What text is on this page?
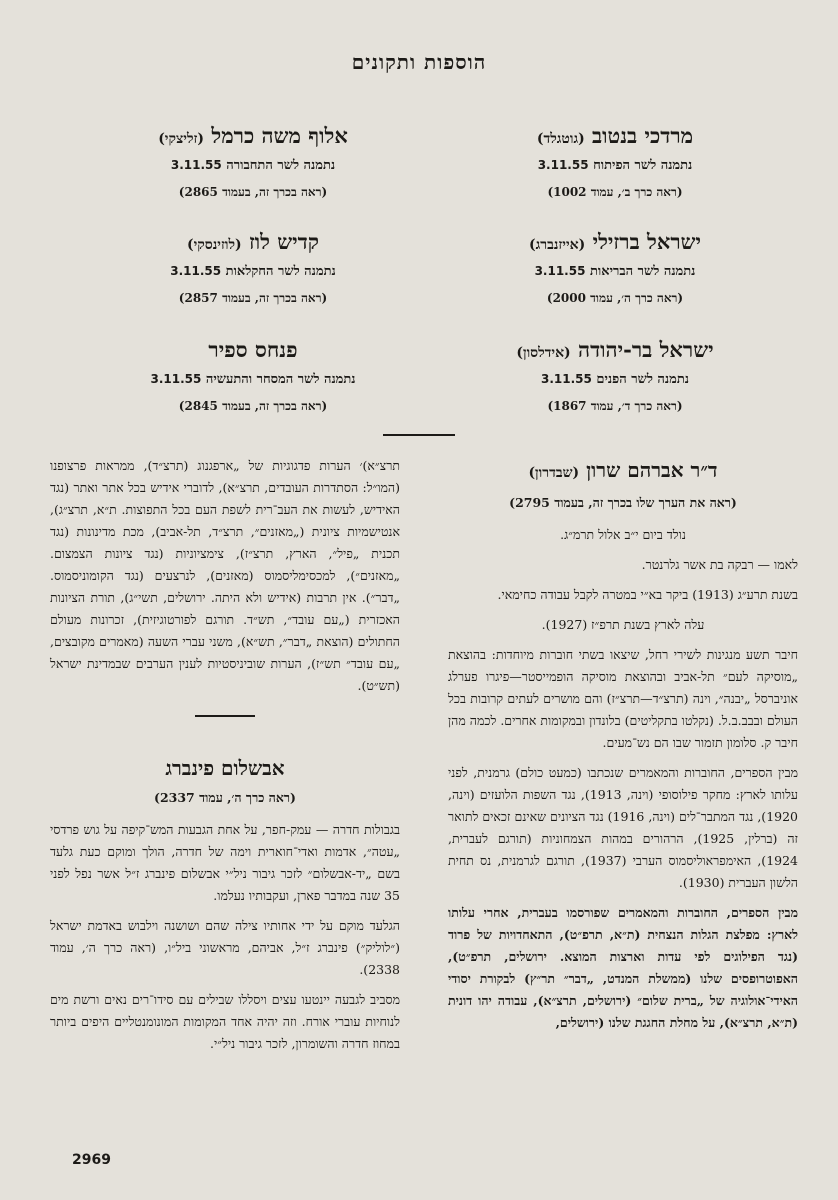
הוספות ותקונים
מרדכי בנטוב (גוטגלד)
נתמנה לשר הפיתוח 3.11.55
(ראה כרך ב׳, עמוד 1002)
אלוף משה כרמל (זליצקי)
נתמנה לשר התחבורה 3.11.55
(ראה בכרך זה, בעמוד 2865)
ישראל ברזילי (אייזנברג)
נתמנה לשר הבריאות 3.11.55
(ראה כרך ה׳, עמוד 2000)
קדיש לוז (לוזינסקי)
נתמנה לשר החקלאות 3.11.55
(ראה בכרך זה, בעמוד 2857)
ישראל בר-יהודה (אידלסון)
נתמנה לשר הפנים 3.11.55
(ראה כרך ד׳, עמוד 1867)
פנחס ספיר
נתמנה לשר המסחר והתעשיה 3.11.55
(ראה בכרך זה, בעמוד 2845)
ד״ר אברהם שרון (שבדרון)
(ראה את הערך שלו בכרך זה, בעמוד 2795)

נולד ביום י״ב אלול תרמ״ג.

לאמו — רבקה בת אשר גלרנטר.

בשנת תרע״ג (1913) ביקר בא״י במטרה לקבל עבודה כחימאי.

עלה לארץ בשנת תרפ״ז (1927).

חיבר תשע מנגינות לשירי רחל, שיצאו בשתי חוברות מיוחדות: בהוצאת „מוסיקה לעם״ תל-אביב ובהוצאת מוסיקה הופמייסטר—פיגרו פערלג אוניברסל „יבנה״, וינה (תרצ״ד—תרצ״ז) והם מושרים לעתים קרובות בכל העולם ובבב.ב.ל. (נקלטו בתקליטים) בלונדון ובמקומות אחרים. לכמה מהן חיבר ק. סלומון תזמור שבו הם נש־מעים.

מבין הספרים, החוברות והמאמרים שנכתבו (כמעט כולם) גרמנית, לפני עלותו לארץ: מחקר פילוסופי (וינה, 1913), נגד השפות הלועזים (וינה, 1920), נגד המתבר־לים (וינה, 1916) נגד הציונים שאינם זכאים לתואר זה (ברלין, 1925), הרהורים במהות הצמחוניות (תורגם לעברית, 1924), האימפראוליסמוס הערבי (1937), תורגם לגרמנית, נס תחית הלשון העברית (1930).

מבין הספרים, החוברות והמאמרים שפורסמו בעברית, אחרי עלותו לארץ: מפלצת הגלות הנצחית (ת״א, תרפ״ט), התאחדויות של פרוד (נגד הפילוגים לפי עדות וארצות המוצא. ירושלים, תרפ״ט), האפוטרופסים שלנו (ממשלת המנדט, „דבר״ תר״ץ) לבקורת יסודי האידי־אולוגיה של „ברית שלום״ (ירושלים, תרצ״א), עבודה יהו דונית (ת״א, תרצ״א), על מחלת החגגת שלנו (ירושלים,

תרצ״א)׳ הערות פדגוגיות של „ארפגנוג (תרצ״ד), ממראות פרצופנו (המו״ל: הסתדרות העובדים, תרצ״א), לדוברי אידיש בכל אתר ואתר (נגד האידיש, לעשות את העב־רית לשפת העם בכל התפוצות. ת״א, תרצ״ג), אנטישמיות ציונית („מאזנים״, תרצ״ד, תל-אביב), מכת מדינונות (נגד תכנית „פיל״, הארץ, תרצ״ז), צימציוניות (נגד ציונות הצמצום. „מאזנים״), למכסימליסמוס (מאזנים), לנרצעים (נגד הקומוניסמוס. „דבר״). אין תרבות (אידיש ולא היתה. ירושלים, תשי״ג), תורת הציונות האכזרית („עם עובד״, תש״ד. תורגם לפורטוגיזית), זכרונות מעולם החתולים (הוצאת „דבר״, תש״א), משני עברי השעה (מאמרים מקובצים, „עם עובד״ תש״ז), הערות שוביניסטיות לענין הערבים שבמדינת ישראל (תש״ט).

אבשלום פינברג
(ראה כרך ה׳, עמוד 2337)

בגבולות חדרה — עמק-חפר, על אחת הגבעות המש־קיפה על גוש פרדסי „עטה״, אדמות ואדי־חוארית וימה של חדרה, הולך ומוקם כעת גלעד בשם „יד-אבשלום״ לזכר גיבור ניל״י אבשלום פינברג ז״ל אשר נפל לפני 35 שנה במדבר פארן, ועקבותיו נעלמו.

הגלעד מוקם על ידי אחותיו צילה שהם ושושנה וילבוש באדמת ישראל (״לוליק״) פינברג ז״ל, אביהם, מראשוני ביל״ו, (ראה כרך ה׳, עמוד 2338).

מסביב לגבעה יינטעו עצים ויסללו שבילים עם סידו־רים נאים ורשת מים לנוחיות עוברי אורח. וזה יהיה אחד המקומות המונומנטליים היפים ביותר במחוז חדרה והשומרון, לזכר גיבור ניל״י.

2969
